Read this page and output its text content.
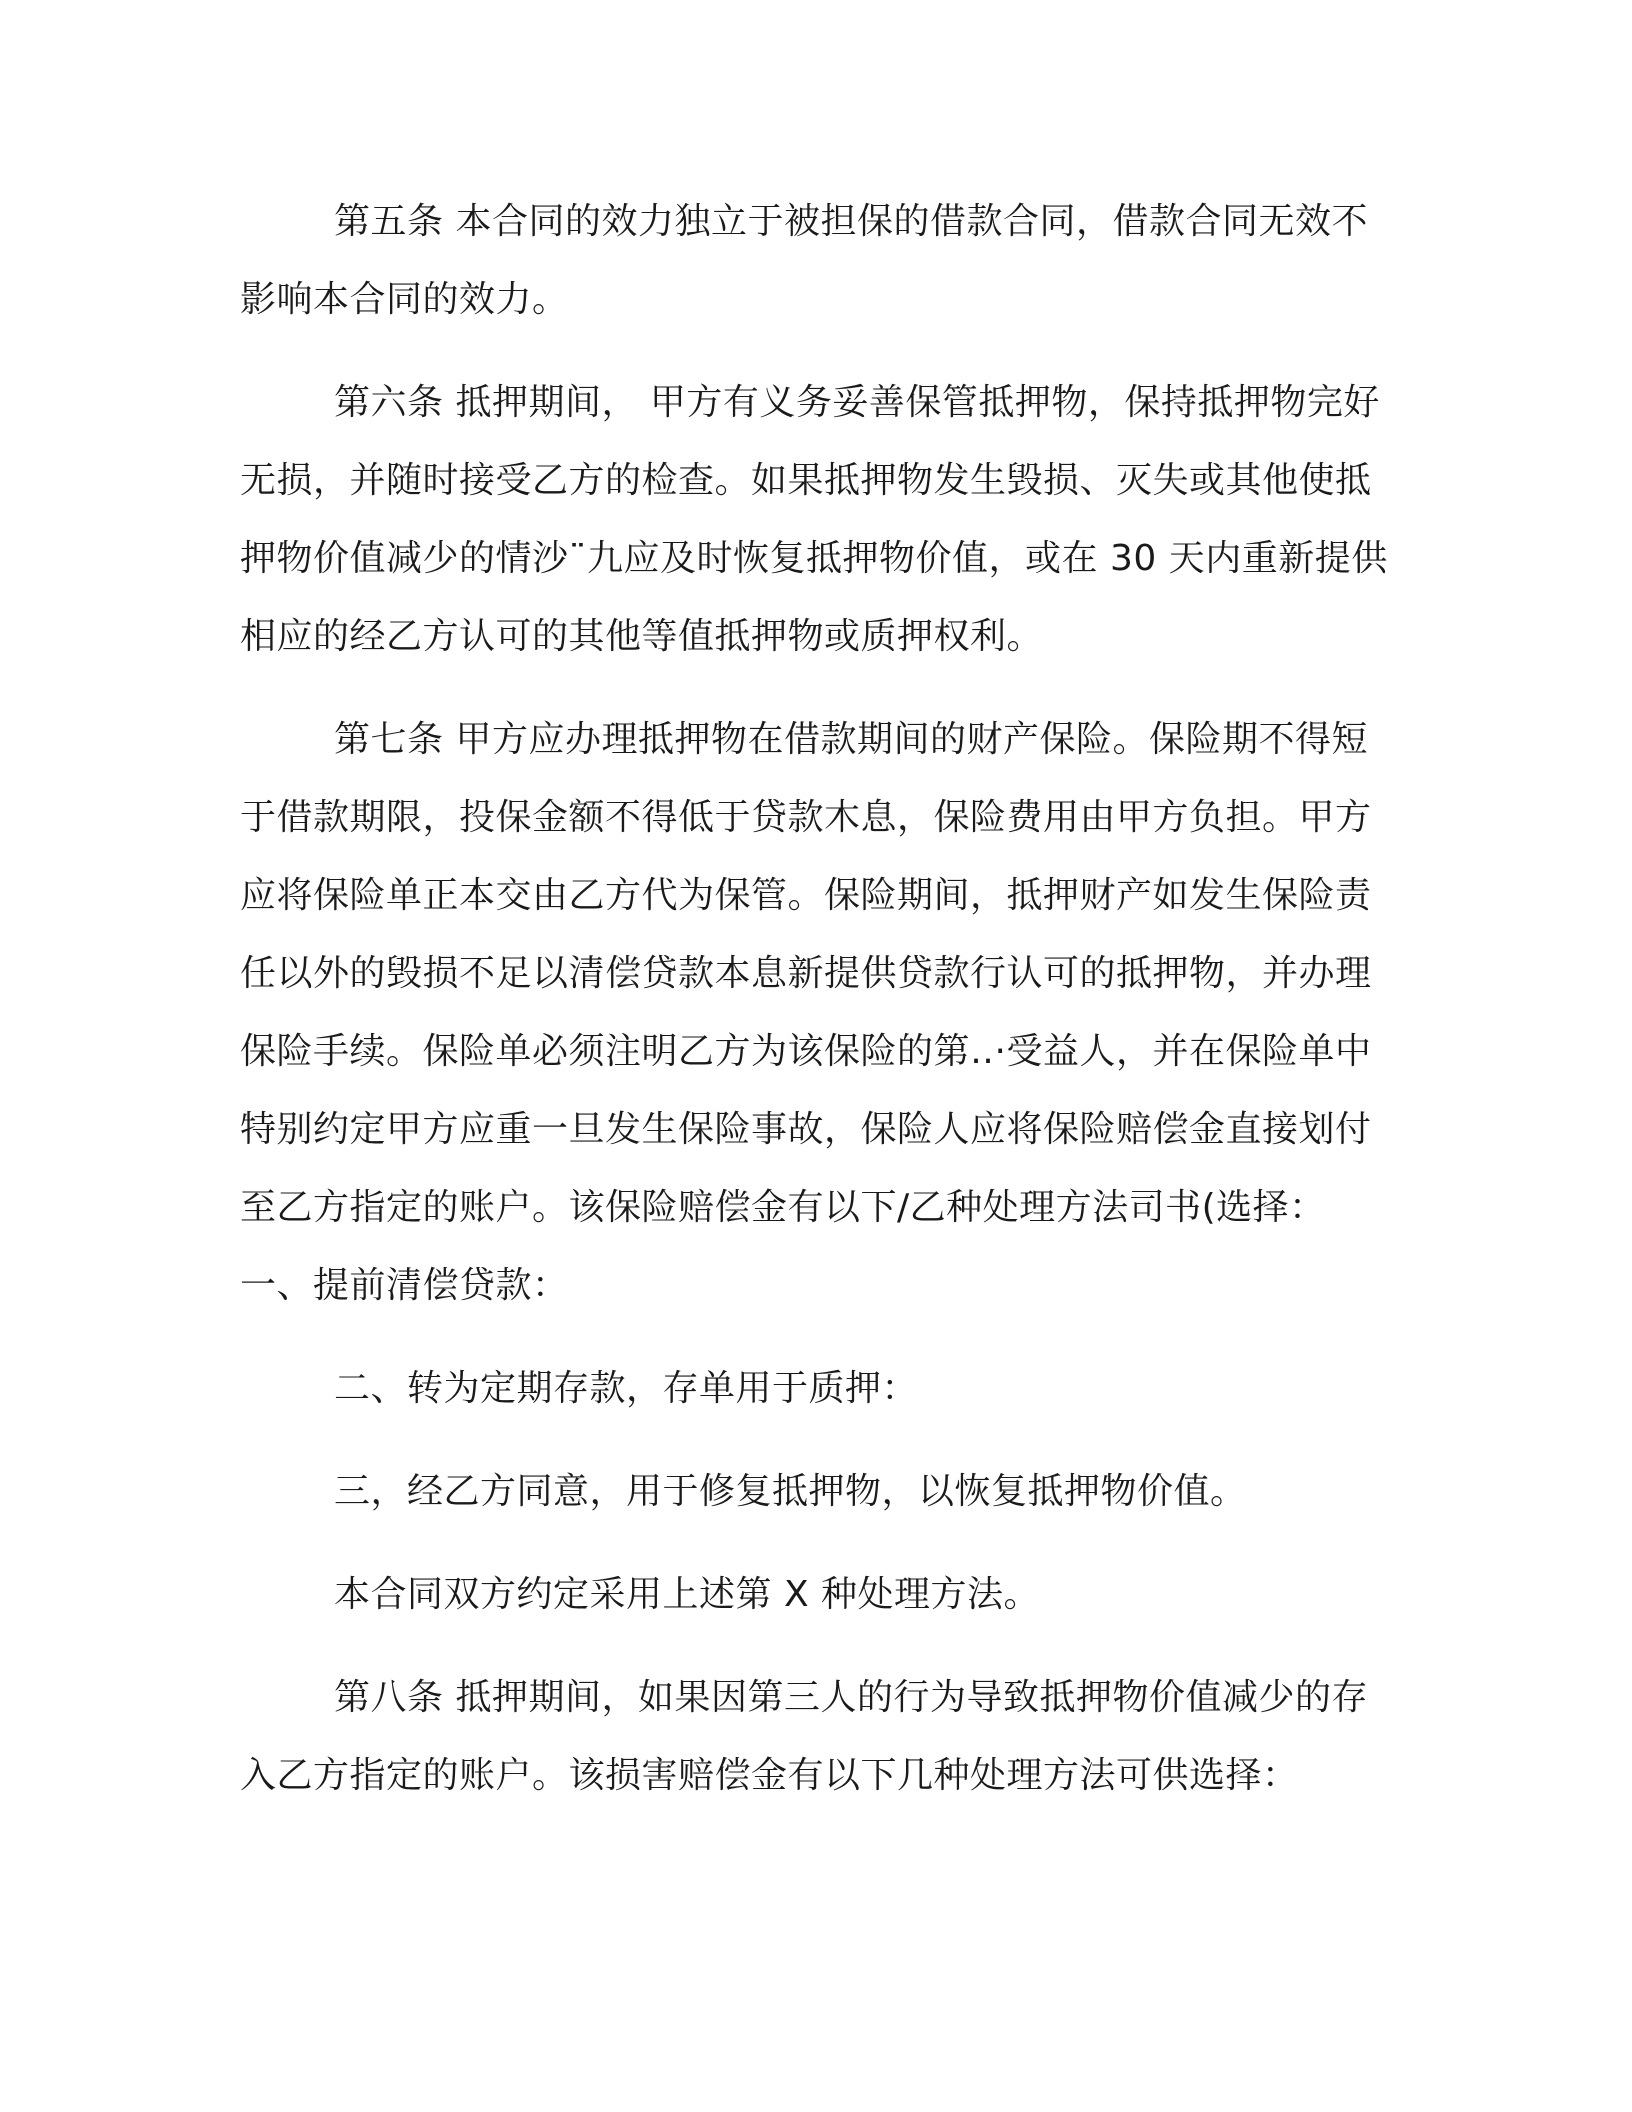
第五条 本合同的效力独立于被担保的借款合同，借款合同无效不影响本合同的效力。

第六条 抵押期间， 甲方有义务妥善保管抵押物，保持抵押物完好无损，并随时接受乙方的检查。如果抵押物发生毁损、灭失或其他使抵押物价值减少的情沙¨九应及时恢复抵押物价值，或在 30 天内重新提供相应的经乙方认可的其他等值抵押物或质押权利。

第七条 甲方应办理抵押物在借款期间的财产保险。保险期不得短于借款期限，投保金额不得低于贷款木息，保险费用由甲方负担。甲方应将保险单正本交由乙方代为保管。保险期间，抵押财产如发生保险责任以外的毁损不足以清偿贷款本息新提供贷款行认可的抵押物，并办理保险手续。保险单必须注明乙方为该保险的第‥·受益人，并在保险单中特别约定甲方应重一旦发生保险事故，保险人应将保险赔偿金直接划付至乙方指定的账户。该保险赔偿金有以下/乙种处理方法司书(选择：一、提前清偿贷款：

二、转为定期存款，存单用于质押：

三，经乙方同意，用于修复抵押物，以恢复抵押物价值。

本合同双方约定采用上述第 X 种处理方法。

第八条 抵押期间，如果因第三人的行为导致抵押物价值减少的存入乙方指定的账户。该损害赔偿金有以下几种处理方法可供选择：
